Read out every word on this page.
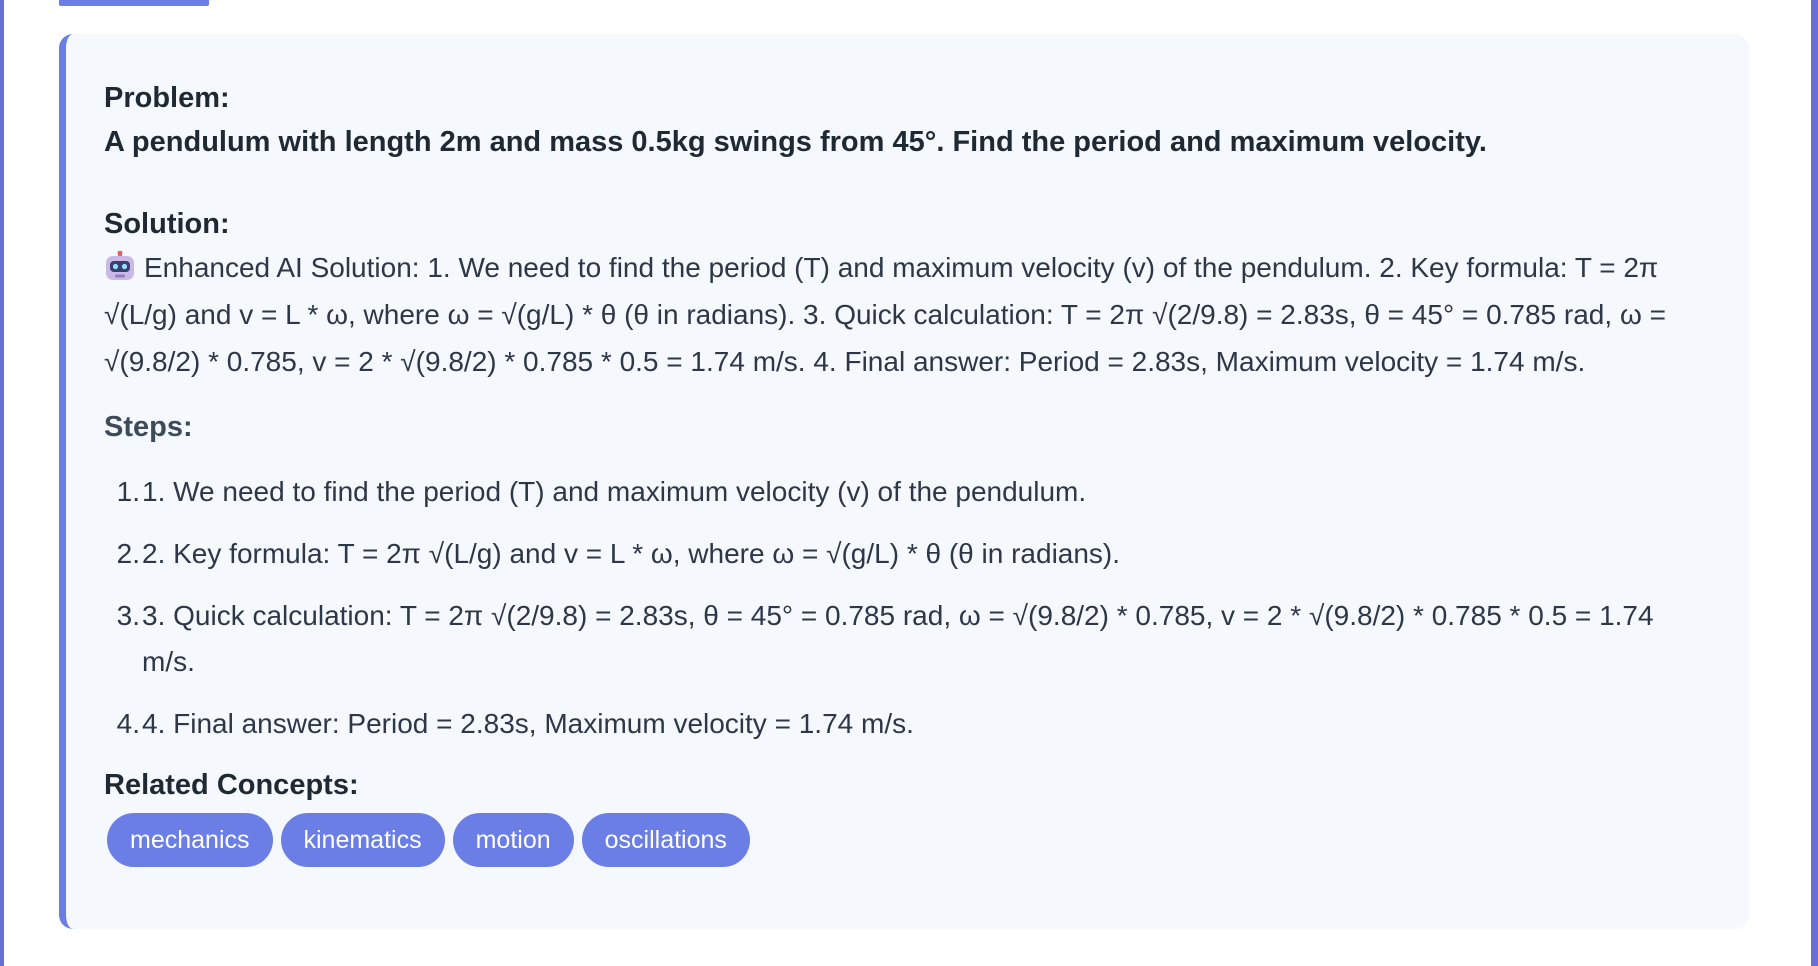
Problem:
A pendulum with length 2m and mass 0.5kg swings from 45°. Find the period and maximum velocity.
Solution:

Enhanced AI Solution: 1. We need to find the period (T) and maximum velocity (v) of the pendulum. 2. Key formula: T = 2π √(L/g) and v = L * ω, where ω = √(g/L) * θ (θ in radians). 3. Quick calculation: T = 2π √(2/9.8) = 2.83s, θ = 45° = 0.785 rad, ω = √(9.8/2) * 0.785, v = 2 * √(9.8/2) * 0.785 * 0.5 = 1.74 m/s. 4. Final answer: Period = 2.83s, Maximum velocity = 1.74 m/s.

Steps:
1. 1. We need to find the period (T) and maximum velocity (v) of the pendulum.
2. 2. Key formula: T = 2π √(L/g) and v = L * ω, where ω = √(g/L) * θ (θ in radians).
3. 3. Quick calculation: T = 2π √(2/9.8) = 2.83s, θ = 45° = 0.785 rad, ω = √(9.8/2) * 0.785, v = 2 * √(9.8/2) * 0.785 * 0.5 = 1.74 m/s.
4. 4. Final answer: Period = 2.83s, Maximum velocity = 1.74 m/s.
Related Concepts:
mechanics	kinematics	motion	oscillations
